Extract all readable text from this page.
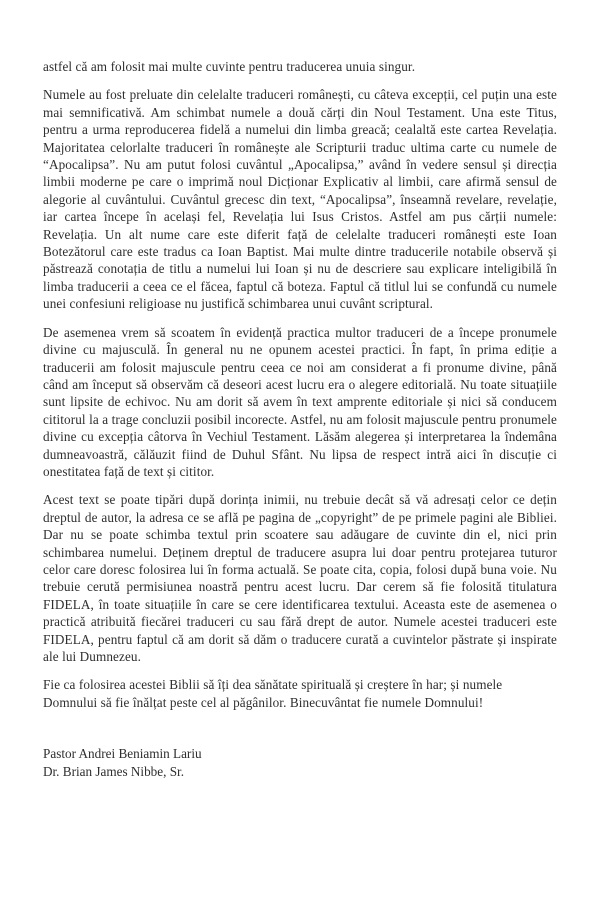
astfel că am folosit mai multe cuvinte pentru traducerea unuia singur.

Numele au fost preluate din celelalte traduceri românești, cu câteva excepții, cel puțin una este mai semnificativă. Am schimbat numele a două cărți din Noul Testament. Una este Titus, pentru a urma reproducerea fidelă a numelui din limba greacă; cealaltă este cartea Revelația. Majoritatea celorlalte traduceri în românește ale Scripturii traduc ultima carte cu numele de “Apocalipsa”. Nu am putut folosi cuvântul „Apocalipsa,” având în vedere sensul și direcția limbii moderne pe care o imprimă noul Dicționar Explicativ al limbii, care afirmă sensul de alegorie al cuvântului. Cuvântul grecesc din text, “Apocalipsa”, înseamnă revelare, revelație, iar cartea începe în același fel, Revelația lui Isus Cristos. Astfel am pus cărții numele: Revelația. Un alt nume care este diferit față de celelalte traduceri românești este Ioan Botezătorul care este tradus ca Ioan Baptist. Mai multe dintre traducerile notabile observă și păstrează conotația de titlu a numelui lui Ioan și nu de descriere sau explicare inteligibilă în limba traducerii a ceea ce el făcea, faptul că boteza. Faptul că titlul lui se confundă cu numele unei confesiuni religioase nu justifică schimbarea unui cuvânt scriptural.

De asemenea vrem să scoatem în evidență practica multor traduceri de a începe pronumele divine cu majusculă. În general nu ne opunem acestei practici. În fapt, în prima ediție a traducerii am folosit majuscule pentru ceea ce noi am considerat a fi pronume divine, până când am început să observăm că deseori acest lucru era o alegere editorială. Nu toate situațiile sunt lipsite de echivoc. Nu am dorit să avem în text amprente editoriale și nici să conducem cititorul la a trage concluzii posibil incorecte. Astfel, nu am folosit majuscule pentru pronumele divine cu excepția câtorva în Vechiul Testament. Lăsăm alegerea și interpretarea la îndemâna dumneavoastră, călăuzit fiind de Duhul Sfânt. Nu lipsa de respect intră aici în discuție ci onestitatea față de text și cititor.

Acest text se poate tipări după dorința inimii, nu trebuie decât să vă adresați celor ce dețin dreptul de autor, la adresa ce se află pe pagina de „copyright” de pe primele pagini ale Bibliei. Dar nu se poate schimba textul prin scoatere sau adăugare de cuvinte din el, nici prin schimbarea numelui. Deținem dreptul de traducere asupra lui doar pentru protejarea tuturor celor care doresc folosirea lui în forma actuală. Se poate cita, copia, folosi după buna voie. Nu trebuie cerută permisiunea noastră pentru acest lucru. Dar cerem să fie folosită titulatura FIDELA, în toate situațiile în care se cere identificarea textului. Aceasta este de asemenea o practică atribuită fiecărei traduceri cu sau fără drept de autor. Numele acestei traduceri este FIDELA, pentru faptul că am dorit să dăm o traducere curată a cuvintelor păstrate și inspirate ale lui Dumnezeu.

Fie ca folosirea acestei Biblii să îți dea sănătate spirituală și creștere în har; și numele Domnului să fie înălțat peste cel al păgânilor. Binecuvântat fie numele Domnului!

Pastor Andrei Beniamin Lariu
Dr. Brian James Nibbe, Sr.
